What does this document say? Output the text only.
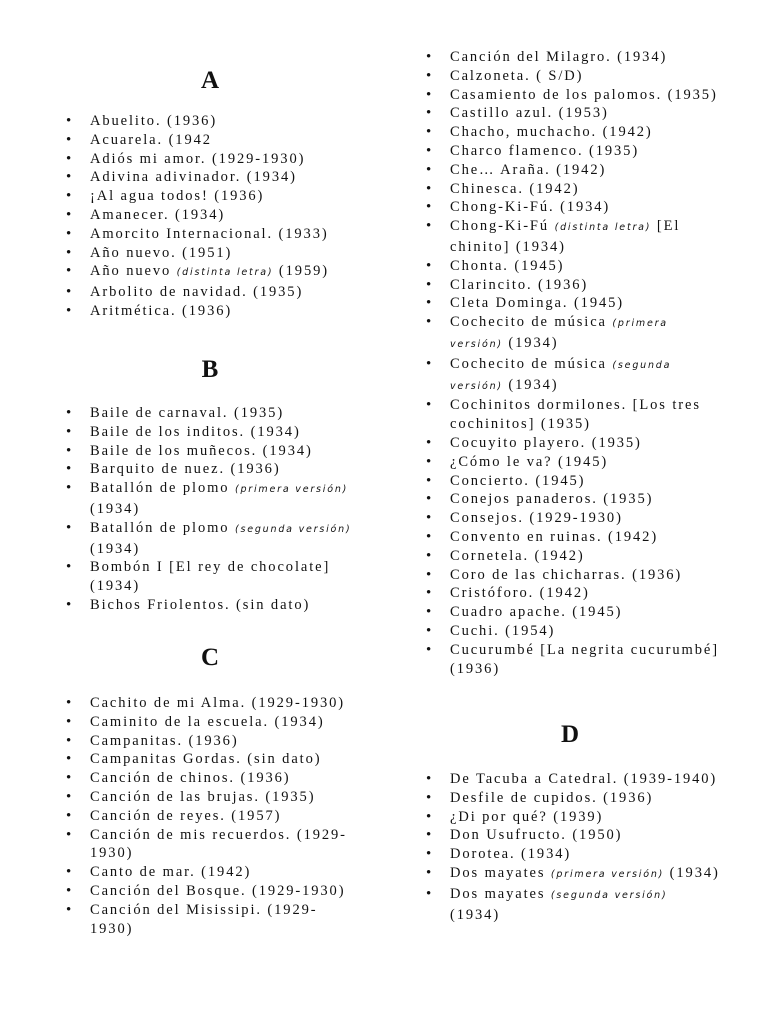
A
• Abuelito. (1936)
• Acuarela. (1942
• Adiós mi amor. (1929-1930)
• Adivina adivinador. (1934)
• ¡Al agua todos! (1936)
• Amanecer. (1934)
• Amorcito Internacional. (1933)
• Año nuevo. (1951)
• Año nuevo (distinta letra) (1959)
• Arbolito de navidad. (1935)
• Aritmética. (1936)
B
• Baile de carnaval. (1935)
• Baile de los inditos. (1934)
• Baile de los muñecos. (1934)
• Barquito de nuez. (1936)
• Batallón de plomo (primera versión) (1934)
• Batallón de plomo (segunda versión) (1934)
• Bombón I [El rey de chocolate] (1934)
• Bichos Friolentos. (sin dato)
C
• Cachito de mi Alma. (1929-1930)
• Caminito de la escuela. (1934)
• Campanitas. (1936)
• Campanitas Gordas. (sin dato)
• Canción de chinos. (1936)
• Canción de las brujas. (1935)
• Canción de reyes. (1957)
• Canción de mis recuerdos. (1929-1930)
• Canto de mar. (1942)
• Canción del Bosque. (1929-1930)
• Canción del Misissipi. (1929-1930)
• Canción del Milagro. (1934)
• Calzoneta. ( S/D)
• Casamiento de los palomos. (1935)
• Castillo azul. (1953)
• Chacho, muchacho. (1942)
• Charco flamenco. (1935)
• Che… Araña. (1942)
• Chinesca. (1942)
• Chong-Ki-Fú. (1934)
• Chong-Ki-Fú (distinta letra) [El chinito] (1934)
• Chonta. (1945)
• Clarincito. (1936)
• Cleta Dominga. (1945)
• Cochecito de música (primera versión) (1934)
• Cochecito de música (segunda versión) (1934)
• Cochinitos dormilones. [Los tres cochinitos] (1935)
• Cocuyito playero. (1935)
• ¿Cómo le va? (1945)
• Concierto. (1945)
• Conejos panaderos. (1935)
• Consejos. (1929-1930)
• Convento en ruinas. (1942)
• Cornetela. (1942)
• Coro de las chicharras. (1936)
• Cristóforo. (1942)
• Cuadro apache. (1945)
• Cuchi. (1954)
• Cucurumbé [La negrita cucurumbé] (1936)
D
• De Tacuba a Catedral. (1939-1940)
• Desfile de cupidos. (1936)
• ¿Di por qué? (1939)
• Don Usufructo. (1950)
• Dorotea. (1934)
• Dos mayates (primera versión) (1934)
• Dos mayates (segunda versión) (1934)
